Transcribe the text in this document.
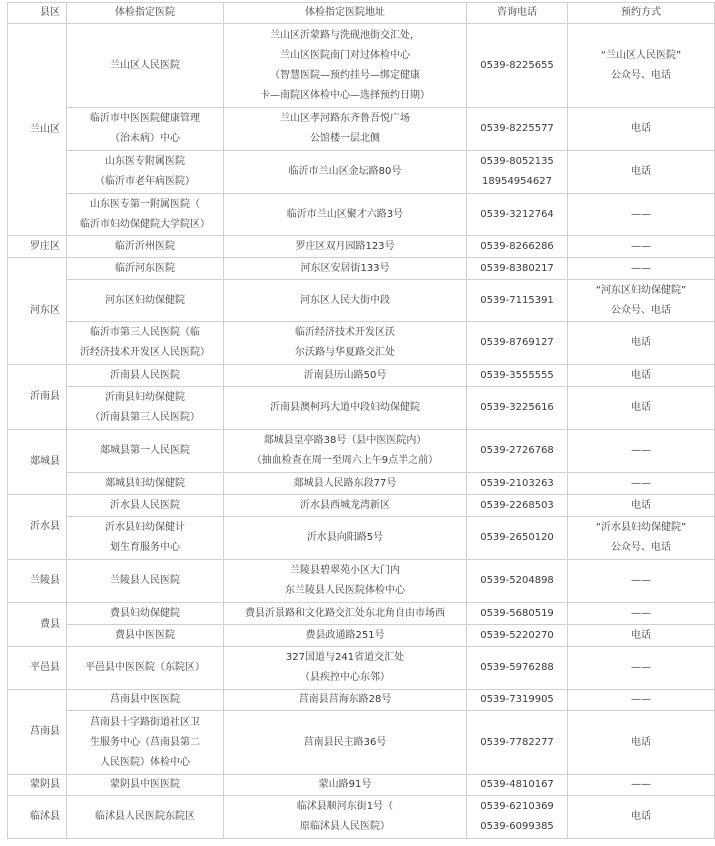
县区	体检指定医院	体检指定医院地址	咨询电话	预约方式
兰山区	兰山区人民医院	兰山区沂蒙路与洗砚池街交汇处，
兰山区医院南门对过体检中心
（智慧医院—预约挂号—绑定健康
卡—南院区体检中心—选择预约日期）	0539-8225655	“兰山区人民医院”
公众号、电话

	临沂市中医医院健康管理
（治未病）中心	兰山区孝河路东齐鲁吾悦广场
公馆楼一层北侧	0539-8225577	电话

	山东医专附属医院
（临沂市老年病医院）	临沂市兰山区金坛路80号	0539-8052135
18954954627	电话

	山东医专第一附属医院（
临沂市妇幼保健院大学院区）	临沂市兰山区聚才六路3号	0539-3212764	——

罗庄区	临沂沂州医院	罗庄区双月园路123号	0539-8266286	——

河东区	临沂河东医院	河东区安居街133号	0539-8380217	——

	河东区妇幼保健院	河东区人民大街中段	0539-7115391	“河东区妇幼保健院”
公众号、电话

	临沂市第三人民医院（临
沂经济技术开发区人民医院）	临沂经济技术开发区沃
尔沃路与华夏路交汇处	0539-8769127	电话

沂南县	沂南县人民医院	沂南县历山路50号	0539-3555555	电话

	沂南县妇幼保健院
（沂南县第三人民医院）	沂南县澳柯玛大道中段妇幼保健院	0539-3225616	电话

郯城县	郯城县第一人民医院	郯城县皇亭路38号（县中医医院内）
（抽血检查在周一至周六上午9点半之前）	0539-2726768	——

	郯城县妇幼保健院	郯城县人民路东段77号	0539-2103263	——

沂水县	沂水县人民医院	沂水县西城龙湾新区	0539-2268503	电话

	沂水县妇幼保健计
划生育服务中心	沂水县向阳路5号	0539-2650120	“沂水县妇幼保健院”
公众号、电话

兰陵县	兰陵县人民医院	兰陵县碧翠苑小区大门内
东兰陵县人民医院体检中心	0539-5204898	——

费县	费县妇幼保健院	费县沂景路和文化路交汇处东北角自由市场西	0539-5680519	——

	费县中医医院	费县政通路251号	0539-5220270	电话

平邑县	平邑县中医医院（东院区）	327国道与241省道交汇处
（县疾控中心东邻）	0539-5976288	——

莒南县	莒南县中医医院	莒南县莒海东路28号	0539-7319905	——

	莒南县十字路街道社区卫
生服务中心（莒南县第二
人民医院）体检中心	莒南县民主路36号	0539-7782277	电话

蒙阴县	蒙阴县中医医院	蒙山路91号	0539-4810167	——

临沭县	临沭县人民医院东院区	临沭县顺河东街1号（
原临沭县人民医院）	0539-6210369
0539-6099385	电话
